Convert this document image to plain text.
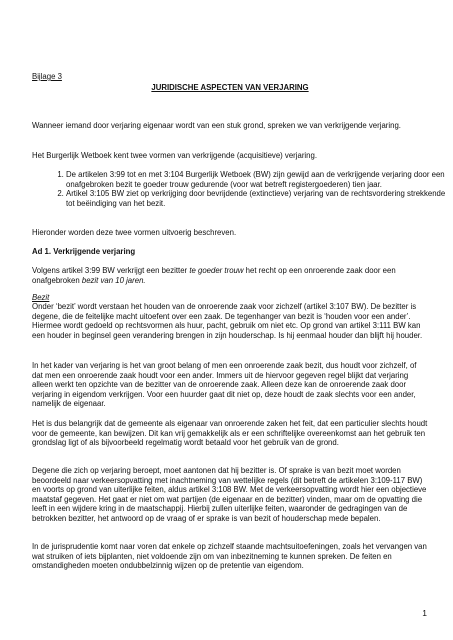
Bijlage 3

JURIDISCHE ASPECTEN VAN VERJARING

Wanneer iemand door verjaring eigenaar wordt van een stuk grond, spreken we van verkrijgende verjaring.

Het Burgerlijk Wetboek kent twee vormen van verkrijgende (acquisitieve) verjaring.

1. De artikelen 3:99 tot en met 3:104 Burgerlijk Wetboek (BW) zijn gewijd aan de verkrijgende verjaring door een onafgebroken bezit te goeder trouw gedurende (voor wat betreft registergoederen) tien jaar.
2. Artikel 3:105 BW ziet op verkrijging door bevrijdende (extinctieve) verjaring van de rechtsvordering strekkende tot beëindiging van het bezit.

Hieronder worden deze twee vormen uitvoerig beschreven.

Ad 1. Verkrijgende verjaring

Volgens artikel 3:99 BW verkrijgt een bezitter te goeder trouw het recht op een onroerende zaak door een onafgebroken bezit van 10 jaren.

Bezit

Onder ‘bezit’ wordt verstaan het houden van de onroerende zaak voor zichzelf (artikel 3:107 BW). De bezitter is degene, die de feitelijke macht uitoefent over een zaak. De tegenhanger van bezit is ‘houden voor een ander’. Hiermee wordt gedoeld op rechtsvormen als huur, pacht, gebruik om niet etc. Op grond van artikel 3:111 BW kan een houder in beginsel geen verandering brengen in zijn houderschap. Is hij eenmaal houder dan blijft hij houder.

In het kader van verjaring is het van groot belang of men een onroerende zaak bezit, dus houdt voor zichzelf, of dat men een onroerende zaak houdt voor een ander. Immers uit de hiervoor gegeven regel blijkt dat verjaring alleen werkt ten opzichte van de bezitter van de onroerende zaak. Alleen deze kan de onroerende zaak door verjaring in eigendom verkrijgen. Voor een huurder gaat dit niet op, deze houdt de zaak slechts voor een ander, namelijk de eigenaar.

Het is dus belangrijk dat de gemeente als eigenaar van onroerende zaken het feit, dat een particulier slechts houdt voor de gemeente, kan bewijzen. Dit kan vrij gemakkelijk als er een schriftelijke overeenkomst aan het gebruik ten grondslag ligt of als bijvoorbeeld regelmatig wordt betaald voor het gebruik van de grond.

Degene die zich op verjaring beroept, moet aantonen dat hij bezitter is. Of sprake is van bezit moet worden beoordeeld naar verkeersopvatting met inachtneming van wettelijke regels (dit betreft de artikelen 3:109-117 BW) en voorts op grond van uiterlijke feiten, aldus artikel 3:108 BW. Met de verkeersopvatting wordt hier een objectieve maatstaf gegeven. Het gaat er niet om wat partijen (de eigenaar en de bezitter) vinden, maar om de opvatting die leeft in een wijdere kring in de maatschappij. Hierbij zullen uiterlijke feiten, waaronder de gedragingen van de betrokken bezitter, het antwoord op de vraag of er sprake is van bezit of houderschap mede bepalen.

In de jurisprudentie komt naar voren dat enkele op zichzelf staande machtsuitoefeningen, zoals het vervangen van wat struiken of iets bijplanten, niet voldoende zijn om van inbezitneming te kunnen spreken. De feiten en omstandigheden moeten ondubbelzinnig wijzen op de pretentie van eigendom.

1
